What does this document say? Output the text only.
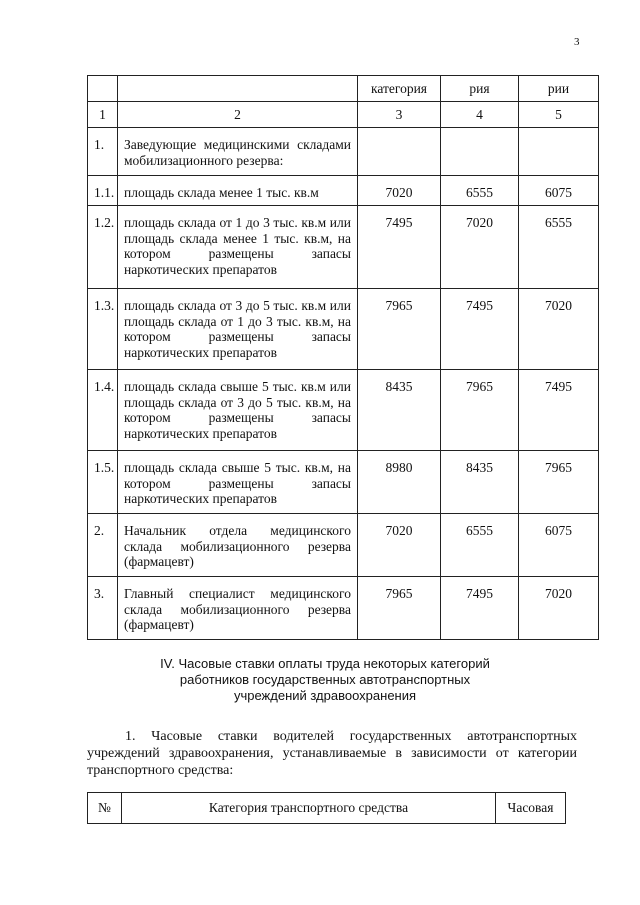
3
		категория	рия	рии
1	2	3	4	5
1.	Заведующие медицинскими складами мобилизационного резерва:			
1.1.	площадь склада менее 1 тыс. кв.м	7020	6555	6075
1.2.	площадь склада от 1 до 3 тыс. кв.м или площадь склада менее 1 тыс. кв.м, на котором размещены запасы наркотических препаратов	7495	7020	6555
1.3.	площадь склада от 3 до 5 тыс. кв.м или площадь склада от 1 до 3 тыс. кв.м, на котором размещены запасы наркотических препаратов	7965	7495	7020
1.4.	площадь склада свыше 5 тыс. кв.м или площадь склада от 3 до 5 тыс. кв.м, на котором размещены запасы наркотических препаратов	8435	7965	7495
1.5.	площадь склада свыше 5 тыс. кв.м, на котором размещены запасы наркотических препаратов	8980	8435	7965
2.	Начальник отдела медицинского склада мобилизационного резерва (фармацевт)	7020	6555	6075
3.	Главный специалист медицинского склада мобилизационного резерва (фармацевт)	7965	7495	7020
IV. Часовые ставки оплаты труда некоторых категорий
работников государственных автотранспортных
учреждений здравоохранения
1. Часовые ставки водителей государственных автотранспортных учреждений здравоохранения, устанавливаемые в зависимости от категории транспортного средства:
№	Категория транспортного средства	Часовая
